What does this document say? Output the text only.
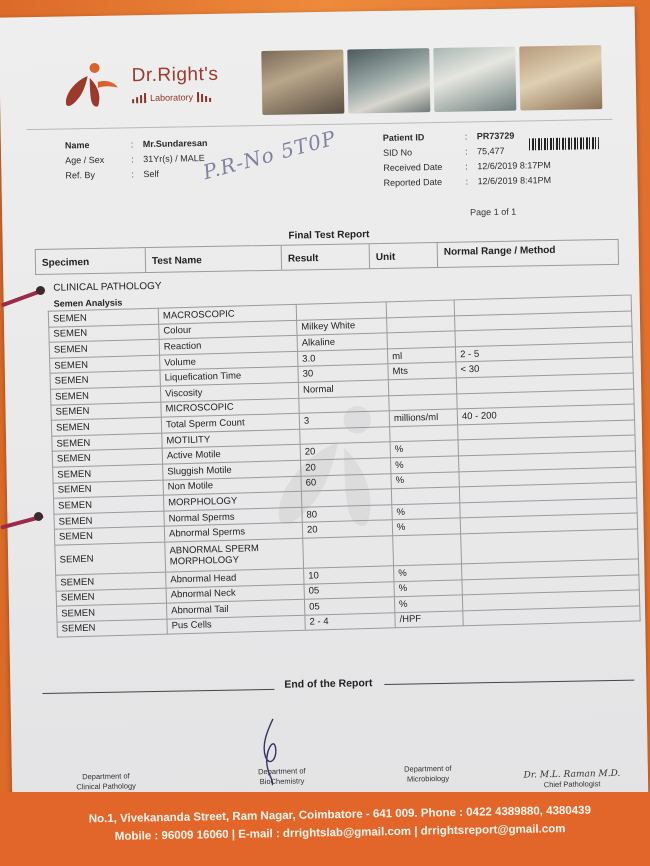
Dr.Right's
Laboratory
Name	: Mr.Sundaresan
Age / Sex	: 31Yr(s) / MALE
Ref. By	: Self
Patient ID	: PR73729
SID No	: 75,477
Received Date	: 12/6/2019 8:17PM
Reported Date	: 12/6/2019 8:41PM
P.R-No 5T0P
Page 1 of 1
Final Test Report
Specimen	Test Name	Result	Unit	Normal Range / Method
CLINICAL PATHOLOGY
Semen Analysis
SEMEN	MACROSCOPIC			
SEMEN	Colour	Milkey White		
SEMEN	Reaction	Alkaline		
SEMEN	Volume	3.0	ml	2 - 5
SEMEN	Liquefication Time	30	Mts	< 30
SEMEN	Viscosity	Normal		
SEMEN	MICROSCOPIC			
SEMEN	Total Sperm Count	3	millions/ml	40 - 200
SEMEN	MOTILITY			
SEMEN	Active Motile	20	%	
SEMEN	Sluggish Motile	20	%	
SEMEN	Non Motile	60	%	
SEMEN	MORPHOLOGY			
SEMEN	Normal Sperms	80	%	
SEMEN	Abnormal Sperms	20	%	
SEMEN	ABNORMAL SPERM MORPHOLOGY			
SEMEN	Abnormal Head	10	%	
SEMEN	Abnormal Neck	05	%	
SEMEN	Abnormal Tail	05	%	
SEMEN	Pus Cells	2 - 4	/HPF	
End of the Report
Department of
Clinical Pathology
Department of
BioChemistry
Department of
Microbiology	Dr. M.L. Raman M.D.
Chief Pathologist
No.1, Vivekananda Street, Ram Nagar, Coimbatore - 641 009. Phone : 0422 4389880, 4380439
Mobile : 96009 16060 | E-mail : drrightslab@gmail.com | drrightsreport@gmail.com
